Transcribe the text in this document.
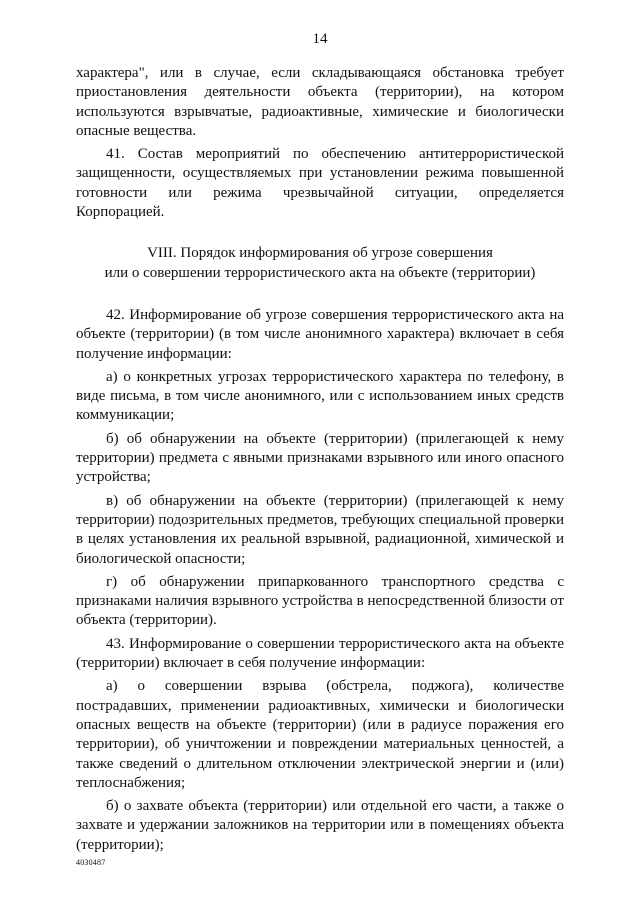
14

характера", или в случае, если складывающаяся обстановка требует приостановления деятельности объекта (территории), на котором используются взрывчатые, радиоактивные, химические и биологически опасные вещества.

41. Состав мероприятий по обеспечению антитеррористической защищенности, осуществляемых при установлении режима повышенной готовности или режима чрезвычайной ситуации, определяется Корпорацией.

VIII. Порядок информирования об угрозе совершения
или о совершении террористического акта на объекте (территории)

42. Информирование об угрозе совершения террористического акта на объекте (территории) (в том числе анонимного характера) включает в себя получение информации:

а) о конкретных угрозах террористического характера по телефону, в виде письма, в том числе анонимного, или с использованием иных средств коммуникации;

б) об обнаружении на объекте (территории) (прилегающей к нему территории) предмета с явными признаками взрывного или иного опасного устройства;

в) об обнаружении на объекте (территории) (прилегающей к нему территории) подозрительных предметов, требующих специальной проверки в целях установления их реальной взрывной, радиационной, химической и биологической опасности;

г) об обнаружении припаркованного транспортного средства с признаками наличия взрывного устройства в непосредственной близости от объекта (территории).

43. Информирование о совершении террористического акта на объекте (территории) включает в себя получение информации:

а) о совершении взрыва (обстрела, поджога), количестве пострадавших, применении радиоактивных, химически и биологически опасных веществ на объекте (территории) (или в радиусе поражения его территории), об уничтожении и повреждении материальных ценностей, а также сведений о длительном отключении электрической энергии и (или) теплоснабжения;

б) о захвате объекта (территории) или отдельной его части, а также о захвате и удержании заложников на территории или в помещениях объекта (территории);

4030487
